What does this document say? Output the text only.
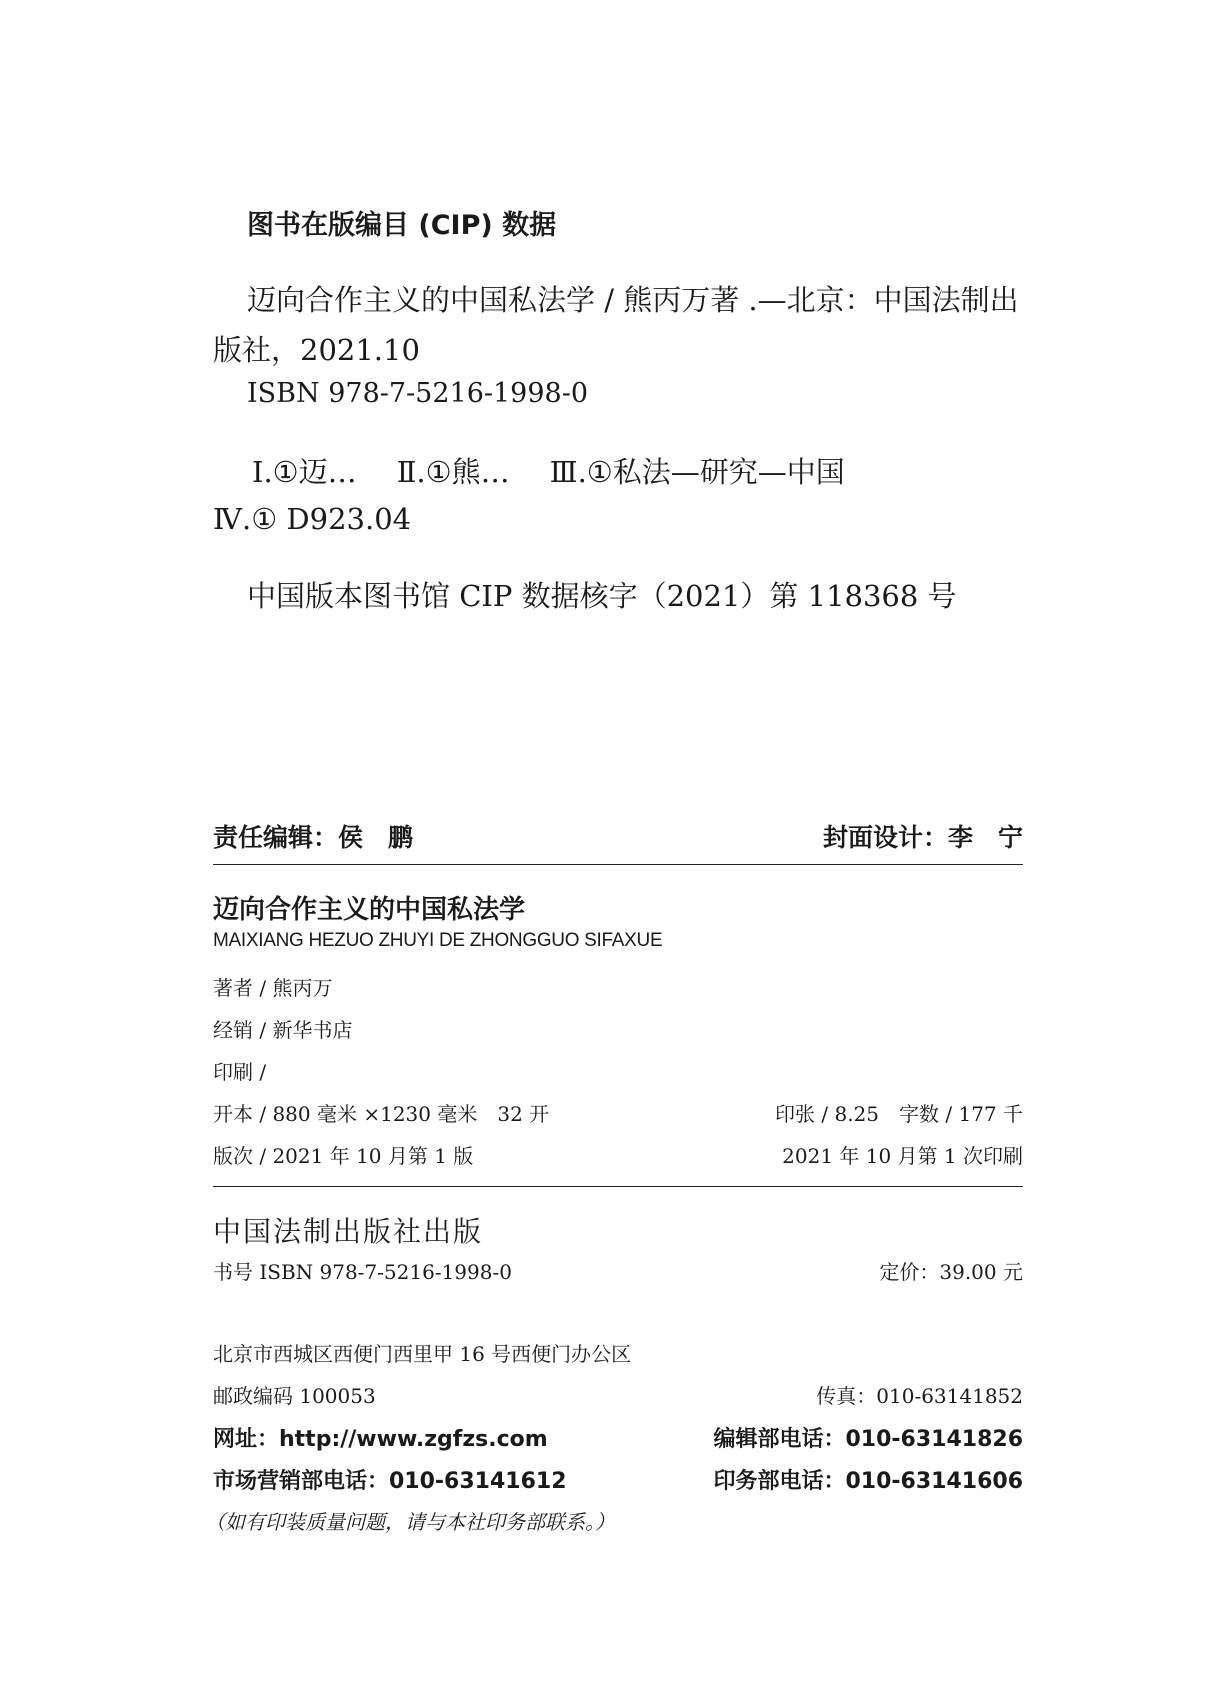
图书在版编目 (CIP) 数据
迈向合作主义的中国私法学 / 熊丙万著 .—北京：中国法制出
版社，2021.10
ISBN 978-7-5216-1998-0
Ⅰ.①迈… Ⅱ.①熊… Ⅲ.①私法—研究—中国
Ⅳ.① D923.04
中国版本图书馆 CIP 数据核字（2021）第 118368 号
责任编辑：侯　鹏	封面设计：李　宁
迈向合作主义的中国私法学
MAIXIANG HEZUO ZHUYI DE ZHONGGUO SIFAXUE
著者 / 熊丙万
经销 / 新华书店
印刷 /
开本 / 880 毫米 ×1230 毫米　32 开	印张 / 8.25　字数 / 177 千
版次 / 2021 年 10 月第 1 版	2021 年 10 月第 1 次印刷
中国法制出版社出版
书号 ISBN 978-7-5216-1998-0	定价：39.00 元
北京市西城区西便门西里甲 16 号西便门办公区
邮政编码 100053	传真：010-63141852
网址：http://www.zgfzs.com	编辑部电话：010-63141826
市场营销部电话：010-63141612	印务部电话：010-63141606
（如有印装质量问题，请与本社印务部联系。）
